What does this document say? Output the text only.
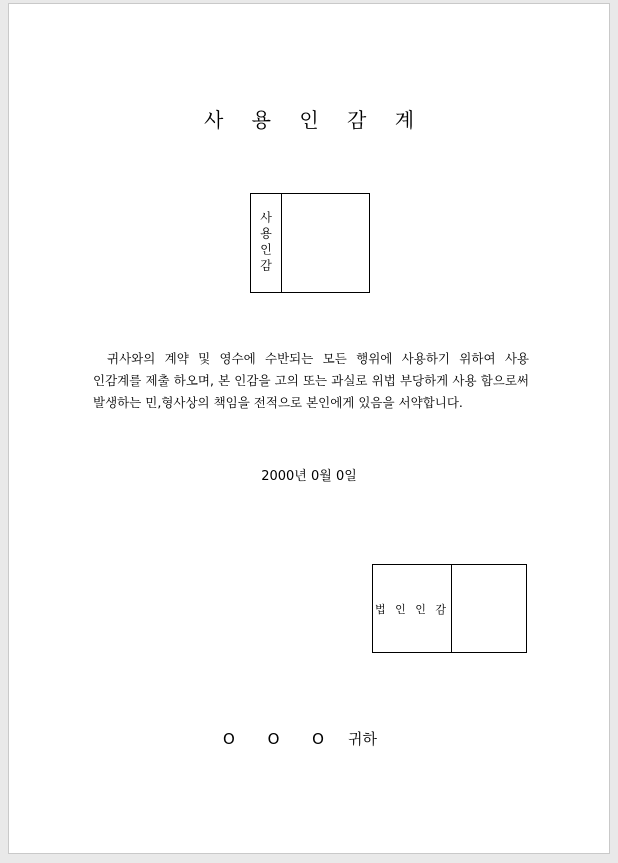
사 용 인 감 계
사용인감
귀사와의 계약 및 영수에 수반되는 모든 행위에 사용하기 위하여 사용 인감계를 제출 하오며, 본 인감을 고의 또는 과실로 위법 부당하게 사용 함으로써 발생하는 민,형사상의 책임을 전적으로 본인에게 있음을 서약합니다.
2000년 0월 0일
법 인 인 감
O O O 귀하
